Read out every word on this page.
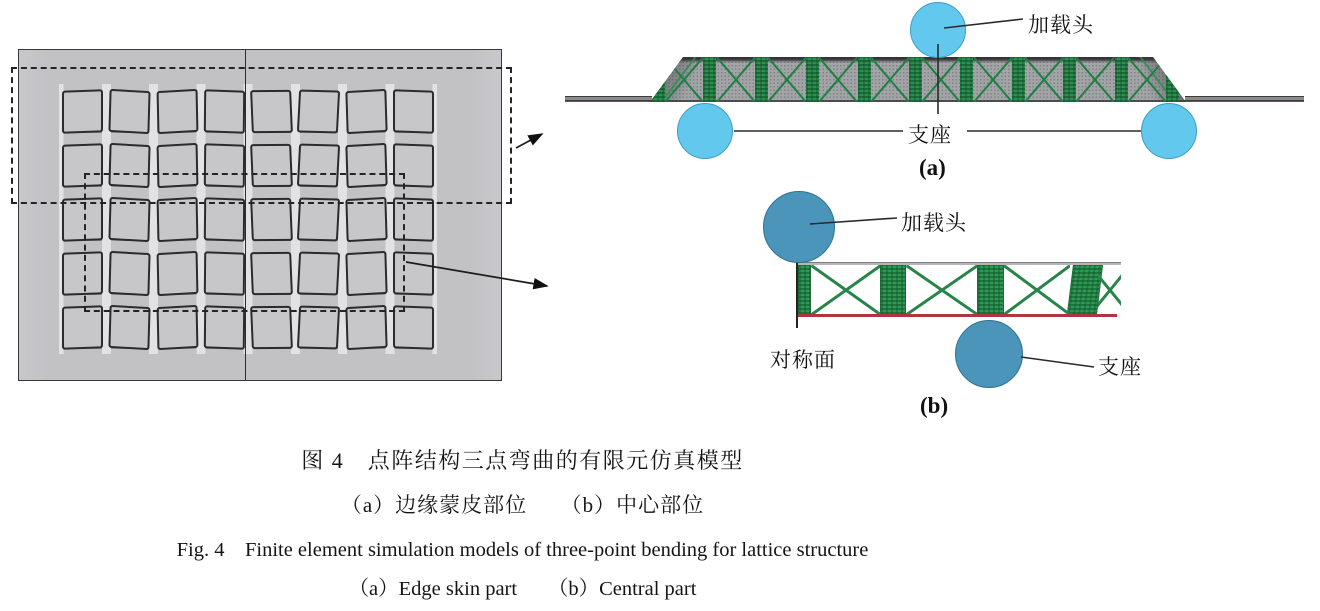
加载头
支座
(a)
加载头
对称面	支座
(b)
图 4　点阵结构三点弯曲的有限元仿真模型
（a）边缘蒙皮部位　　（b）中心部位
Fig. 4　Finite element simulation models of three-point bending for lattice structure
（a）Edge skin part　　（b）Central part
